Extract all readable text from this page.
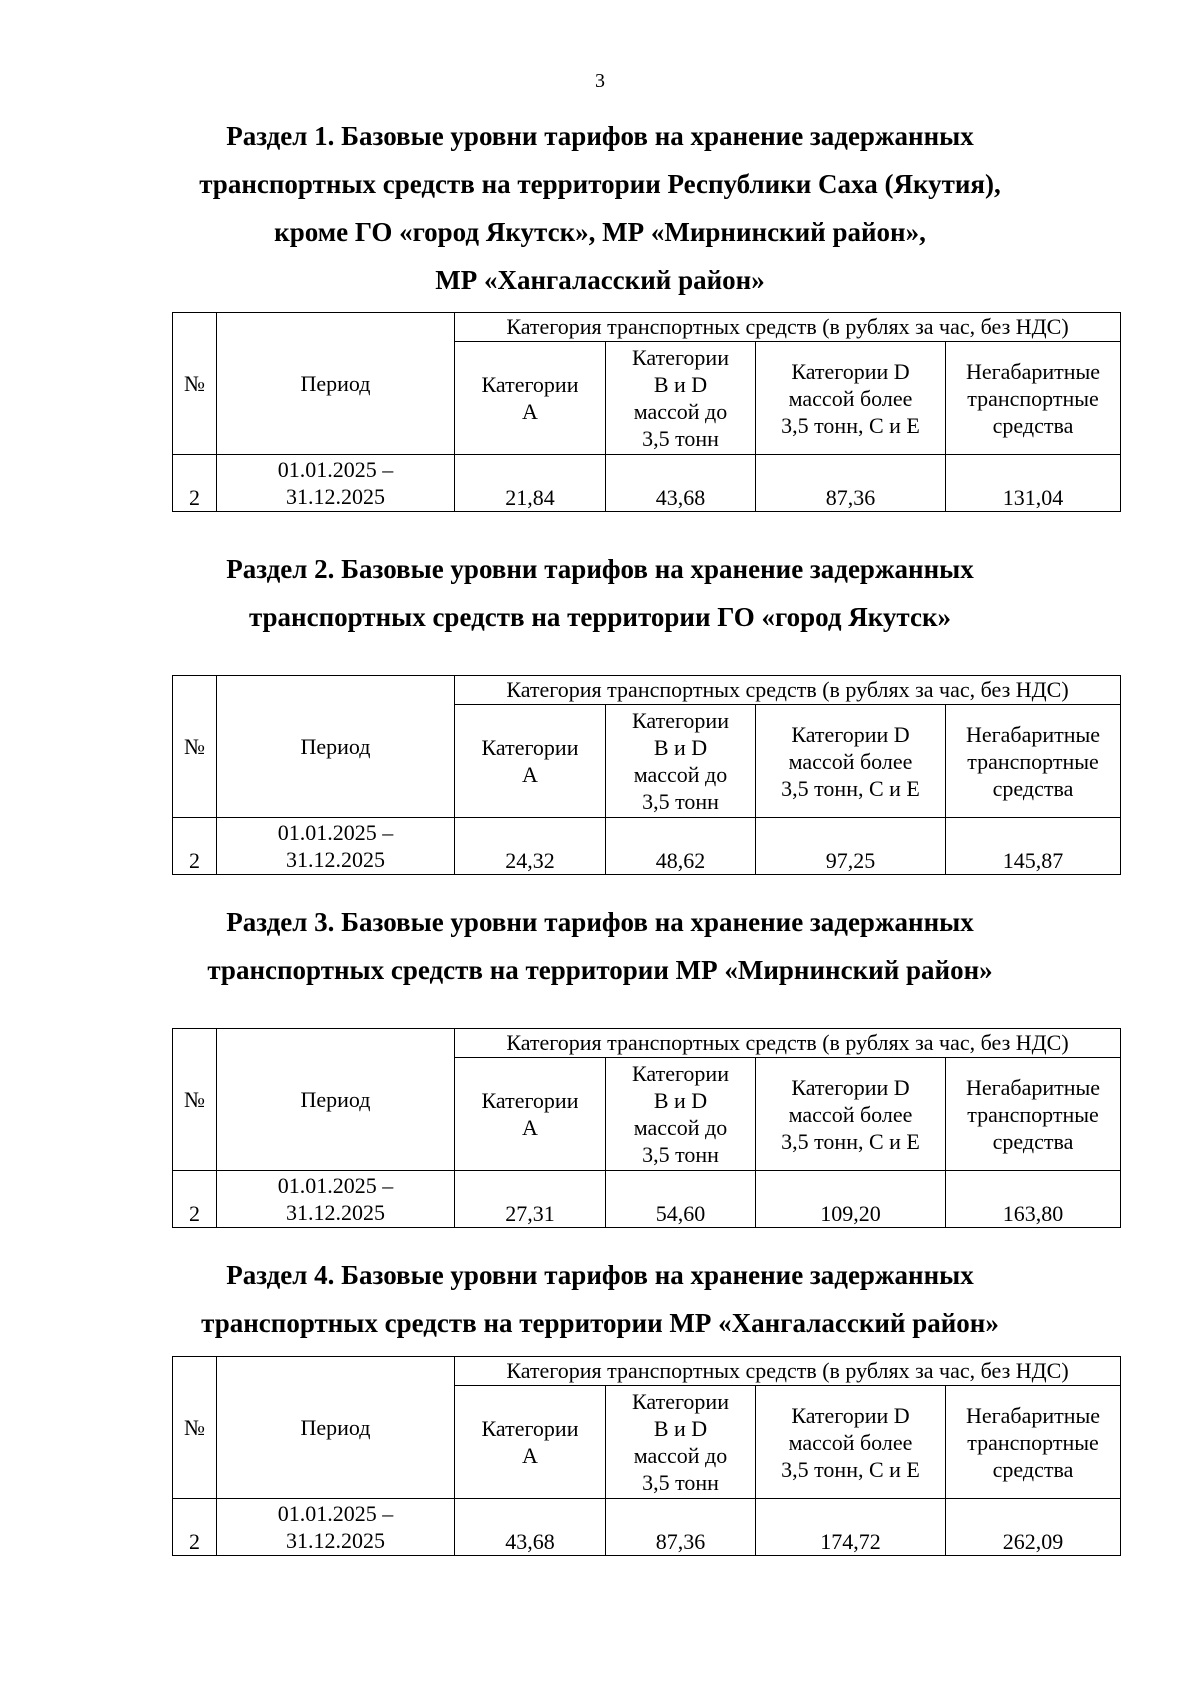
3
Раздел 1. Базовые уровни тарифов на хранение задержанных
транспортных средств на территории Республики Саха (Якутия),
кроме ГО «город Якутск», МР «Мирнинский район»,
МР «Хангаласский район»
№	Период	Категория транспортных средств (в рублях за час, без НДС)			
		Категории
А	Категории
В и D
массой до
3,5 тонн	Категории D
массой более
3,5 тонн, С и Е	Негабаритные
транспортные
средства
2	01.01.2025 –
31.12.2025	21,84	43,68	87,36	131,04
Раздел 2. Базовые уровни тарифов на хранение задержанных
транспортных средств на территории ГО «город Якутск»
№	Период	Категория транспортных средств (в рублях за час, без НДС)			
		Категории
А	Категории
В и D
массой до
3,5 тонн	Категории D
массой более
3,5 тонн, С и Е	Негабаритные
транспортные
средства
2	01.01.2025 –
31.12.2025	24,32	48,62	97,25	145,87
Раздел 3. Базовые уровни тарифов на хранение задержанных
транспортных средств на территории МР «Мирнинский район»
№	Период	Категория транспортных средств (в рублях за час, без НДС)			
		Категории
А	Категории
В и D
массой до
3,5 тонн	Категории D
массой более
3,5 тонн, С и Е	Негабаритные
транспортные
средства
2	01.01.2025 –
31.12.2025	27,31	54,60	109,20	163,80
Раздел 4. Базовые уровни тарифов на хранение задержанных
транспортных средств на территории МР «Хангаласский район»
№	Период	Категория транспортных средств (в рублях за час, без НДС)			
		Категории
А	Категории
В и D
массой до
3,5 тонн	Категории D
массой более
3,5 тонн, С и Е	Негабаритные
транспортные
средства
2	01.01.2025 –
31.12.2025	43,68	87,36	174,72	262,09
